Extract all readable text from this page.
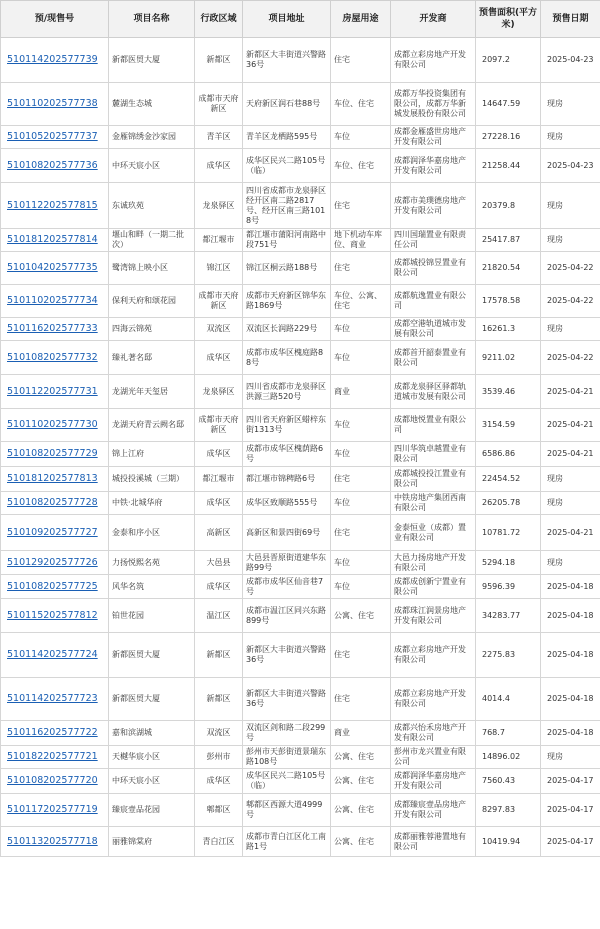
预/现售号	项目名称	行政区域	项目地址	房屋用途	开发商	预售面积(平方米)	预售日期
510114202577739	新都医贸大厦	新都区	新都区大丰街道兴警路36号	住宅	成都立彩房地产开发有限公司	2097.2	2025-04-23
510110202577738	麓湖生态城	成都市天府新区	天府新区润石巷88号	车位、住宅	成都万华投资集团有限公司，成都万华新城发展股份有限公司	14647.59	现房
510105202577737	金雁锦绣金沙家园	青羊区	青羊区龙栖路595号	车位	成都金雁盛世房地产开发有限公司	27228.16	现房
510108202577736	中环天宸小区	成华区	成华区民兴二路105号（临）	车位、住宅	成都润泽华嘉房地产开发有限公司	21258.44	2025-04-23
510112202577815	东诚玖苑	龙泉驿区	四川省成都市龙泉驿区经开区南二路2817号、经开区南三路1018号	住宅	成都市美璞德房地产开发有限公司	20379.8	现房
510181202577814	堰山和畔（一期二批次）	都江堰市	都江堰市蒲阳河南路中段751号	地下机动车库位、商业	四川国瑞置业有限责任公司	25417.87	现房
510104202577735	鹭湾锦上映小区	锦江区	锦江区桐云路188号	住宅	成都城投锦昱置业有限公司	21820.54	2025-04-22
510110202577734	保利天府和颂花园	成都市天府新区	成都市天府新区锦华东路1869号	车位、公寓、住宅	成都航逸置业有限公司	17578.58	2025-04-22
510116202577733	四海云锦苑	双流区	双流区长润路229号	车位	成都空港轨道城市发展有限公司	16261.3	现房
510108202577732	臻礼著名邸	成华区	成都市成华区槐庭路88号	车位	成都首开韶泰置业有限公司	9211.02	2025-04-22
510112202577731	龙湖光年天玺居	龙泉驿区	四川省成都市龙泉驿区洪源三路520号	商业	成都龙泉驿区驿都轨道城市发展有限公司	3539.46	2025-04-21
510110202577730	龙湖天府青云阙名邸	成都市天府新区	四川省天府新区蜡梓东街1313号	车位	成都地悦置业有限公司	3154.59	2025-04-21
510108202577729	锦上江府	成华区	成都市成华区槐荫路6号	车位	四川华筑卓越置业有限公司	6586.86	2025-04-21
510181202577813	城投投溪城（三期）	都江堰市	都江堰市锦稗路6号	住宅	成都城投投江置业有限公司	22454.52	现房
510108202577728	中铁·北城华府	成华区	成华区致顺路555号	车位	中铁房地产集团西南有限公司	26205.78	现房
510109202577727	金泰和序小区	高新区	高新区和景四街69号	住宅	金泰恒业（成都）置业有限公司	10781.72	2025-04-21
510129202577726	力扬悦熙名苑	大邑县	大邑县晋原街道建华东路99号	车位	大邑力扬房地产开发有限公司	5294.18	现房
510108202577725	风华名筑	成华区	成都市成华区仙音巷7号	车位	成都成创新宁置业有限公司	9596.39	2025-04-18
510115202577812	铂世花园	温江区	成都市温江区同兴东路899号	公寓、住宅	成都珠江润景房地产开发有限公司	34283.77	2025-04-18
510114202577724	新都医贸大厦	新都区	新都区大丰街道兴警路36号	住宅	成都立彩房地产开发有限公司	2275.83	2025-04-18
510114202577723	新都医贸大厦	新都区	新都区大丰街道兴警路36号	住宅	成都立彩房地产开发有限公司	4014.4	2025-04-18
510116202577722	嘉和滨湖城	双流区	双流区剑和路二段299号	商业	成都兴怡禾房地产开发有限公司	768.7	2025-04-18
510182202577721	天樾华宸小区	彭州市	彭州市天彭街道景瑞东路108号	公寓、住宅	彭州市龙兴置业有限公司	14896.02	现房
510108202577720	中环天宸小区	成华区	成华区民兴二路105号（临）	公寓、住宅	成都润泽华嘉房地产开发有限公司	7560.43	2025-04-17
510117202577719	臻宸壹品花园	郫都区	郫都区西源大道4999号	公寓、住宅	成都臻宸壹品房地产开发有限公司	8297.83	2025-04-17
510113202577718	丽雅锦棠府	青白江区	成都市青白江区化工南路1号	公寓、住宅	成都丽雅蓉港置地有限公司	10419.94	2025-04-17
